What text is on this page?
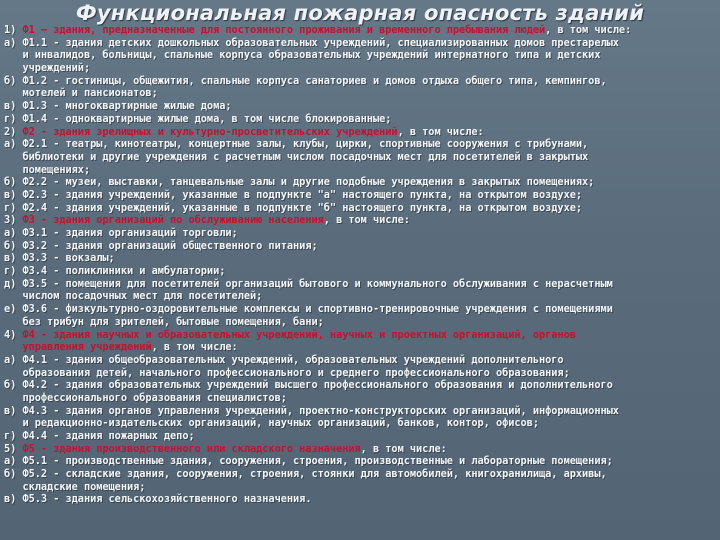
Функциональная пожарная опасность зданий
1) Ф1 – здания, предназначенные для постоянного проживания и временного пребывания людей, в том числе:
а) Ф1.1 - здания детских дошкольных образовательных учреждений, специализированных домов престарелых
и инвалидов, больницы, спальные корпуса образовательных учреждений интернатного типа и детских
учреждений;
б) Ф1.2 - гостиницы, общежития, спальные корпуса санаториев и домов отдыха общего типа, кемпингов,
мотелей и пансионатов;
в) Ф1.3 - многоквартирные жилые дома;
г) Ф1.4 - одноквартирные жилые дома, в том числе блокированные;
2) Ф2 - здания зрелищных и культурно-просветительских учреждений, в том числе:
а) Ф2.1 - театры, кинотеатры, концертные залы, клубы, цирки, спортивные сооружения с трибунами,
библиотеки и другие учреждения с расчетным числом посадочных мест для посетителей в закрытых
помещениях;
б) Ф2.2 - музеи, выставки, танцевальные залы и другие подобные учреждения в закрытых помещениях;
в) Ф2.3 - здания учреждений, указанные в подпункте "а" настоящего пункта, на открытом воздухе;
г) Ф2.4 - здания учреждений, указанные в подпункте "б" настоящего пункта, на открытом воздухе;
3) Ф3 - здания организаций по обслуживанию населения, в том числе:
а) Ф3.1 - здания организаций торговли;
б) Ф3.2 - здания организаций общественного питания;
в) Ф3.3 - вокзалы;
г) Ф3.4 - поликлиники и амбулатории;
д) Ф3.5 - помещения для посетителей организаций бытового и коммунального обслуживания с нерасчетным
числом посадочных мест для посетителей;
е) Ф3.6 - физкультурно-оздоровительные комплексы и спортивно-тренировочные учреждения с помещениями
без трибун для зрителей, бытовые помещения, бани;
4) Ф4 - здания научных и образовательных учреждений, научных и проектных организаций, органов
управления учреждений, в том числе:
а) Ф4.1 - здания общеобразовательных учреждений, образовательных учреждений дополнительного
образования детей, начального профессионального и среднего профессионального образования;
б) Ф4.2 - здания образовательных учреждений высшего профессионального образования и дополнительного
профессионального образования специалистов;
в) Ф4.3 - здания органов управления учреждений, проектно-конструкторских организаций, информационных
и редакционно-издательских организаций, научных организаций, банков, контор, офисов;
г) Ф4.4 - здания пожарных депо;
5) Ф5 - здания производственного или складского назначения, в том числе:
а) Ф5.1 - производственные здания, сооружения, строения, производственные и лабораторные помещения;
б) Ф5.2 - складские здания, сооружения, строения, стоянки для автомобилей, книгохранилища, архивы,
складские помещения;
в) Ф5.3 - здания сельскохозяйственного назначения.
